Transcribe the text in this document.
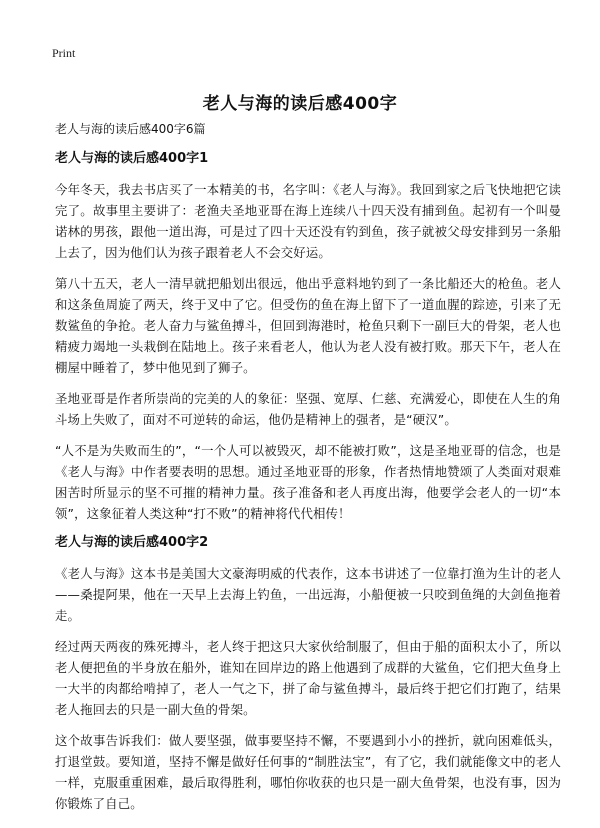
Print
老人与海的读后感400字
老人与海的读后感400字6篇
老人与海的读后感400字1

今年冬天，我去书店买了一本精美的书，名字叫：《老人与海》。我回到家之后飞快地把它读完了。故事里主要讲了：老渔夫圣地亚哥在海上连续八十四天没有捕到鱼。起初有一个叫曼诺林的男孩，跟他一道出海，可是过了四十天还没有钓到鱼，孩子就被父母安排到另一条船上去了，因为他们认为孩子跟着老人不会交好运。

第八十五天，老人一清早就把船划出很远，他出乎意料地钓到了一条比船还大的枪鱼。老人和这条鱼周旋了两天，终于叉中了它。但受伤的鱼在海上留下了一道血腥的踪迹，引来了无数鲨鱼的争抢。老人奋力与鲨鱼搏斗，但回到海港时，枪鱼只剩下一副巨大的骨架，老人也精疲力竭地一头栽倒在陆地上。孩子来看老人，他认为老人没有被打败。那天下午，老人在棚屋中睡着了，梦中他见到了狮子。

圣地亚哥是作者所崇尚的完美的人的象征：坚强、宽厚、仁慈、充满爱心，即使在人生的角斗场上失败了，面对不可逆转的命运，他仍是精神上的强者，是“硬汉”。

“人不是为失败而生的”，“一个人可以被毁灭，却不能被打败”，这是圣地亚哥的信念，也是《老人与海》中作者要表明的思想。通过圣地亚哥的形象，作者热情地赞颂了人类面对艰难困苦时所显示的坚不可摧的精神力量。孩子准备和老人再度出海，他要学会老人的一切“本领”，这象征着人类这种“打不败”的精神将代代相传！

老人与海的读后感400字2

《老人与海》这本书是美国大文豪海明威的代表作，这本书讲述了一位靠打渔为生计的老人——桑提阿果，他在一天早上去海上钓鱼，一出远海，小船便被一只咬到鱼绳的大剑鱼拖着走。

经过两天两夜的殊死搏斗，老人终于把这只大家伙给制服了，但由于船的面积太小了，所以老人便把鱼的半身放在船外，谁知在回岸边的路上他遇到了成群的大鲨鱼，它们把大鱼身上一大半的肉都给啃掉了，老人一气之下，拼了命与鲨鱼搏斗，最后终于把它们打跑了，结果老人拖回去的只是一副大鱼的骨架。

这个故事告诉我们：做人要坚强，做事要坚持不懈，不要遇到小小的挫折，就向困难低头，打退堂鼓。要知道，坚持不懈是做好任何事的“制胜法宝”，有了它，我们就能像文中的老人一样，克服重重困难，最后取得胜利，哪怕你收获的也只是一副大鱼骨架，也没有事，因为你锻炼了自己。
